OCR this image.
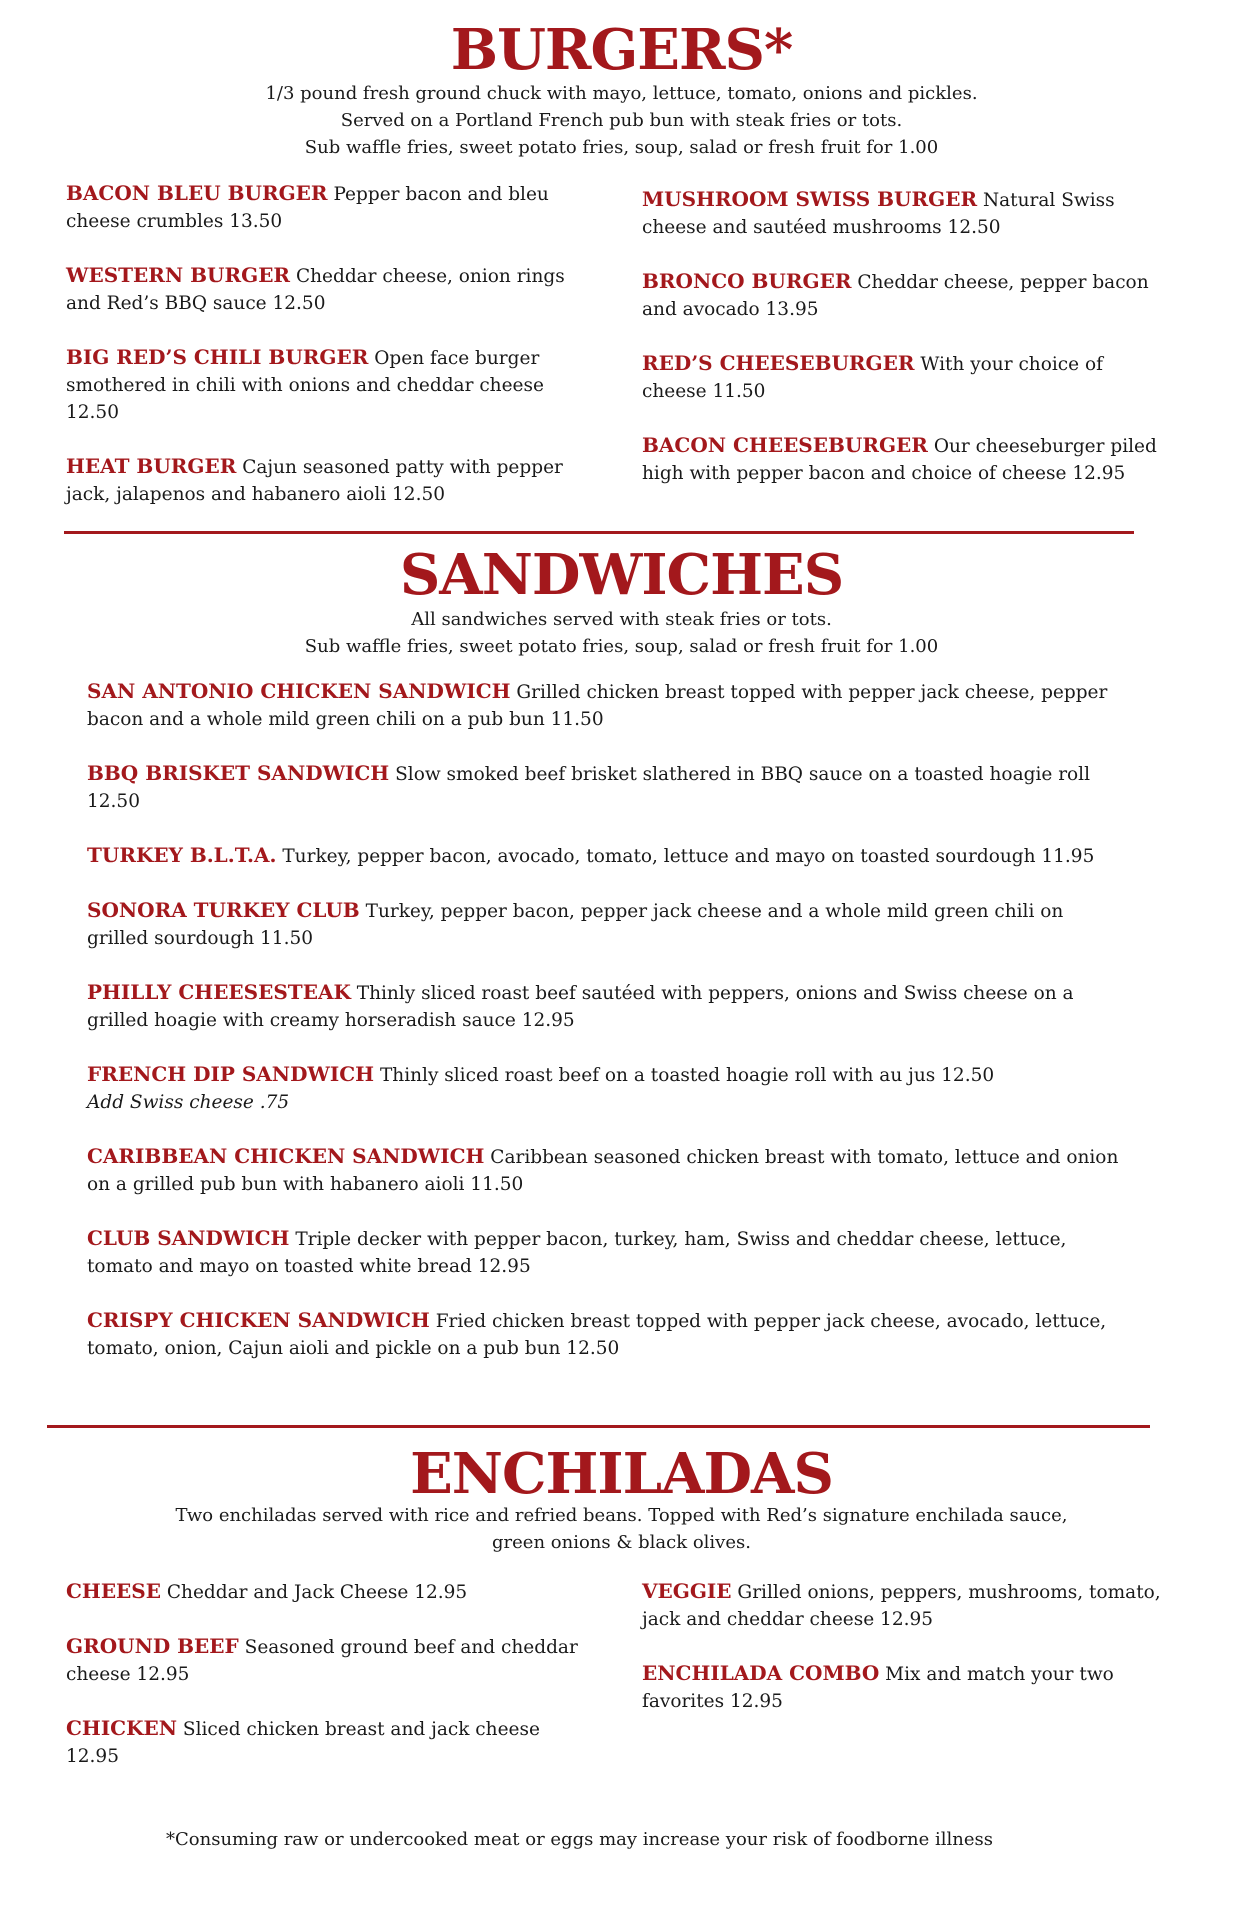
BURGERS*
1/3 pound fresh ground chuck with mayo, lettuce, tomato, onions and pickles.
Served on a Portland French pub bun with steak fries or tots.
Sub waffle fries, sweet potato fries, soup, salad or fresh fruit for 1.00

BACON BLEU BURGER Pepper bacon and bleu cheese crumbles 13.50

WESTERN BURGER Cheddar cheese, onion rings and Red’s BBQ sauce 12.50

BIG RED’S CHILI BURGER Open face burger smothered in chili with onions and cheddar cheese 12.50

HEAT BURGER Cajun seasoned patty with pepper jack, jalapenos and habanero aioli 12.50

MUSHROOM SWISS BURGER Natural Swiss cheese and sautéed mushrooms 12.50

BRONCO BURGER Cheddar cheese, pepper bacon and avocado 13.95

RED’S CHEESEBURGER With your choice of cheese 11.50

BACON CHEESEBURGER Our cheeseburger piled high with pepper bacon and choice of cheese 12.95

SANDWICHES
All sandwiches served with steak fries or tots.
Sub waffle fries, sweet potato fries, soup, salad or fresh fruit for 1.00

SAN ANTONIO CHICKEN SANDWICH Grilled chicken breast topped with pepper jack cheese, pepper bacon and a whole mild green chili on a pub bun 11.50

BBQ BRISKET SANDWICH Slow smoked beef brisket slathered in BBQ sauce on a toasted hoagie roll 12.50

TURKEY B.L.T.A. Turkey, pepper bacon, avocado, tomato, lettuce and mayo on toasted sourdough 11.95

SONORA TURKEY CLUB Turkey, pepper bacon, pepper jack cheese and a whole mild green chili on grilled sourdough 11.50

PHILLY CHEESESTEAK Thinly sliced roast beef sautéed with peppers, onions and Swiss cheese on a grilled hoagie with creamy horseradish sauce 12.95

FRENCH DIP SANDWICH Thinly sliced roast beef on a toasted hoagie roll with au jus 12.50
Add Swiss cheese .75

CARIBBEAN CHICKEN SANDWICH Caribbean seasoned chicken breast with tomato, lettuce and onion on a grilled pub bun with habanero aioli 11.50

CLUB SANDWICH Triple decker with pepper bacon, turkey, ham, Swiss and cheddar cheese, lettuce, tomato and mayo on toasted white bread 12.95

CRISPY CHICKEN SANDWICH Fried chicken breast topped with pepper jack cheese, avocado, lettuce, tomato, onion, Cajun aioli and pickle on a pub bun 12.50

ENCHILADAS
Two enchiladas served with rice and refried beans. Topped with Red’s signature enchilada sauce,
green onions & black olives.

CHEESE Cheddar and Jack Cheese 12.95

GROUND BEEF Seasoned ground beef and cheddar cheese 12.95

CHICKEN Sliced chicken breast and jack cheese 12.95

VEGGIE Grilled onions, peppers, mushrooms, tomato, jack and cheddar cheese 12.95

ENCHILADA COMBO Mix and match your two favorites 12.95

*Consuming raw or undercooked meat or eggs may increase your risk of foodborne illness
